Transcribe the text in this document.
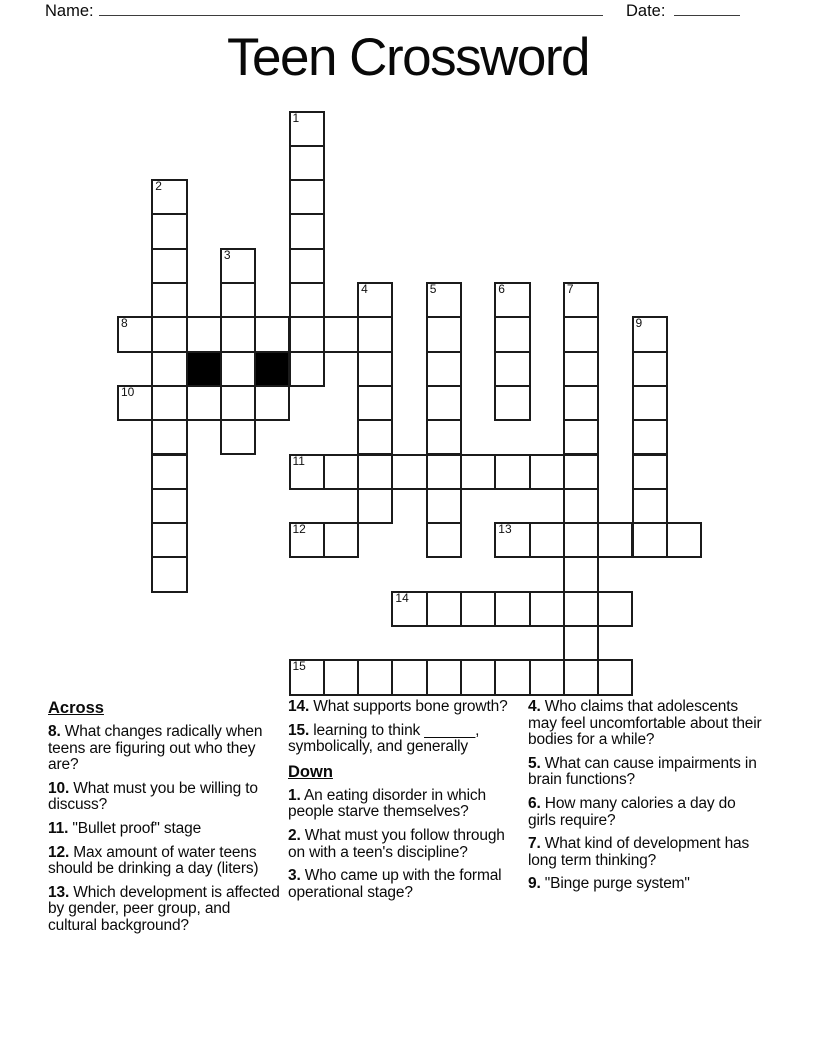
Name:	Date:
Teen Crossword
1
2
3
4	5	6	7
8	9
10
11
12	13
14
15
Across

8. What changes radically when teens are figuring out who they are?

10. What must you be willing to discuss?

11. "Bullet proof" stage

12. Max amount of water teens should be drinking a day (liters)

13. Which development is affected by gender, peer group, and cultural background?

14. What supports bone growth?

15. learning to think ______, symbolically, and generally

Down

1. An eating disorder in which people starve themselves?

2. What must you follow through on with a teen's discipline?

3. Who came up with the formal operational stage?

4. Who claims that adolescents may feel uncomfortable about their bodies for a while?

5. What can cause impairments in brain functions?

6. How many calories a day do girls require?

7. What kind of development has long term thinking?

9. "Binge purge system"
